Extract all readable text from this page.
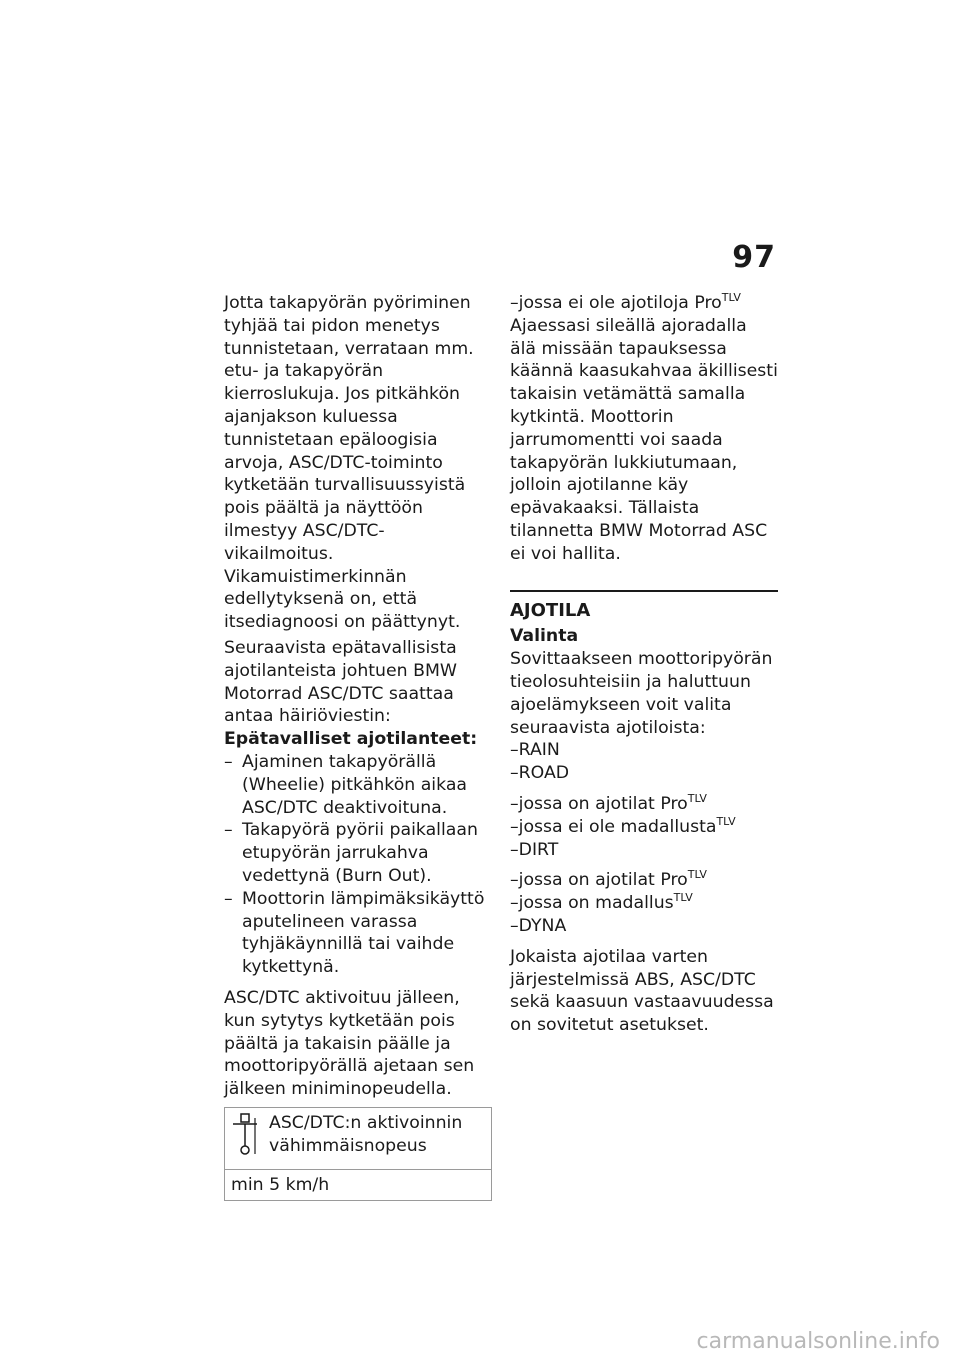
97

Jotta takapyörän pyöriminen tyhjää tai pidon menetys tunnistetaan, verrataan mm. etu- ja takapyörän kierroslukuja. Jos pitkähkön ajanjakson kuluessa tunnistetaan epäloogisia arvoja, ASC/DTC-toiminto kytketään turvallisuussyistä pois päältä ja näyttöön ilmestyy ASC/DTC-vikailmoitus. Vikamuistimerkinnän edellytyksenä on, että itsediagnoosi on päättynyt.

Seuraavista epätavallisista ajotilanteista johtuen BMW Motorrad ASC/DTC saattaa antaa häiriöviestin:

Epätavalliset ajotilanteet:

– Ajaminen takapyörällä (Wheelie) pitkähkön aikaa ASC/DTC deaktivoituna.
– Takapyörä pyörii paikallaan etupyörän jarrukahva vedettynä (Burn Out).
– Moottorin lämpimäksikäyttö aputelineen varassa tyhjäkäynnillä tai vaihde kytkettynä.

ASC/DTC aktivoituu jälleen, kun sytytys kytketään pois päältä ja takaisin päälle ja moottoripyörällä ajetaan sen jälkeen miniminopeudella.

ASC/DTC:n aktivoinnin vähimmäisnopeus

min 5 km/h
–jossa ei ole ajotiloja Pro$^{TLV}$

Ajaessasi sileällä ajoradalla älä missään tapauksessa käännä kaasukahvaa äkillisesti takaisin vetämättä samalla kytkintä. Moottorin jarrumomentti voi saada takapyörän lukkiutumaan, jolloin ajotilanne käy epävakaaksi. Tällaista tilannetta BMW Motorrad ASC ei voi hallita.

AJOTILA

Valinta

Sovittaakseen moottoripyörän tieolosuhteisiin ja haluttuun ajoelämykseen voit valita seuraavista ajotiloista:

–RAIN
–ROAD
–jossa on ajotilat Pro$^{TLV}$
–jossa ei ole madallusta$^{TLV}$
–DIRT
–jossa on ajotilat Pro$^{TLV}$
–jossa on madallus$^{TLV}$
–DYNA

Jokaista ajotilaa varten järjestelmissä ABS, ASC/DTC sekä kaasuun vastaavuudessa on sovitetut asetukset.

carmanualsonline.info
